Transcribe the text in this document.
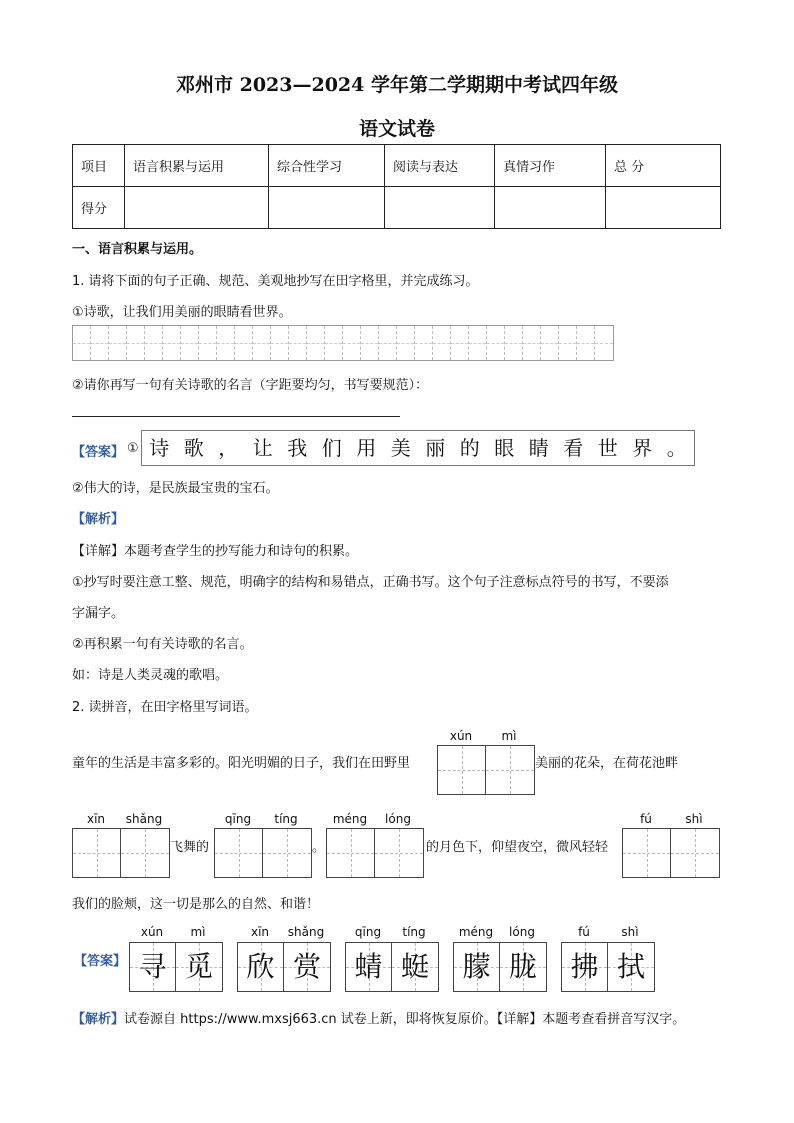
邓州市 2023—2024 学年第二学期期中考试四年级
语文试卷
项目	语言积累与运用	综合性学习	阅读与表达	真情习作	总 分
得分					
一、语言积累与运用。
1. 请将下面的句子正确、规范、美观地抄写在田字格里，并完成练习。
①诗歌，让我们用美丽的眼睛看世界。
②请你再写一句有关诗歌的名言（字距要均匀，书写要规范）：
【答案】 ① 诗 歌 ， 让 我 们 用 美 丽 的 眼 睛 看 世 界 。
②伟大的诗，是民族最宝贵的宝石。
【解析】
【详解】本题考查学生的抄写能力和诗句的积累。
①抄写时要注意工整、规范，明确字的结构和易错点，正确书写。这个句子注意标点符号的书写，不要添
字漏字。
②再积累一句有关诗歌的名言。
如：诗是人类灵魂的歌唱。
2. 读拼音，在田字格里写词语。
xún	mì
童年的生活是丰富多彩的。阳光明媚的日子，我们在田野里	美丽的花朵，在荷花池畔
xīn	shǎng
飞舞的
qīng	tíng
。
méng	lóng
的月色下，仰望夜空，微风轻轻
fú	shì
我们的脸颊，这一切是那么的自然、和谐！
【答案】
xún	mì	xīn	shǎng	qīng	tíng	méng	lóng	fú	shì
寻 觅	欣 赏	蜻 蜓	朦 胧	拂 拭
【解析】试卷源自 https://www.mxsj663.cn 试卷上新，即将恢复原价。【详解】本题考查看拼音写汉字。
